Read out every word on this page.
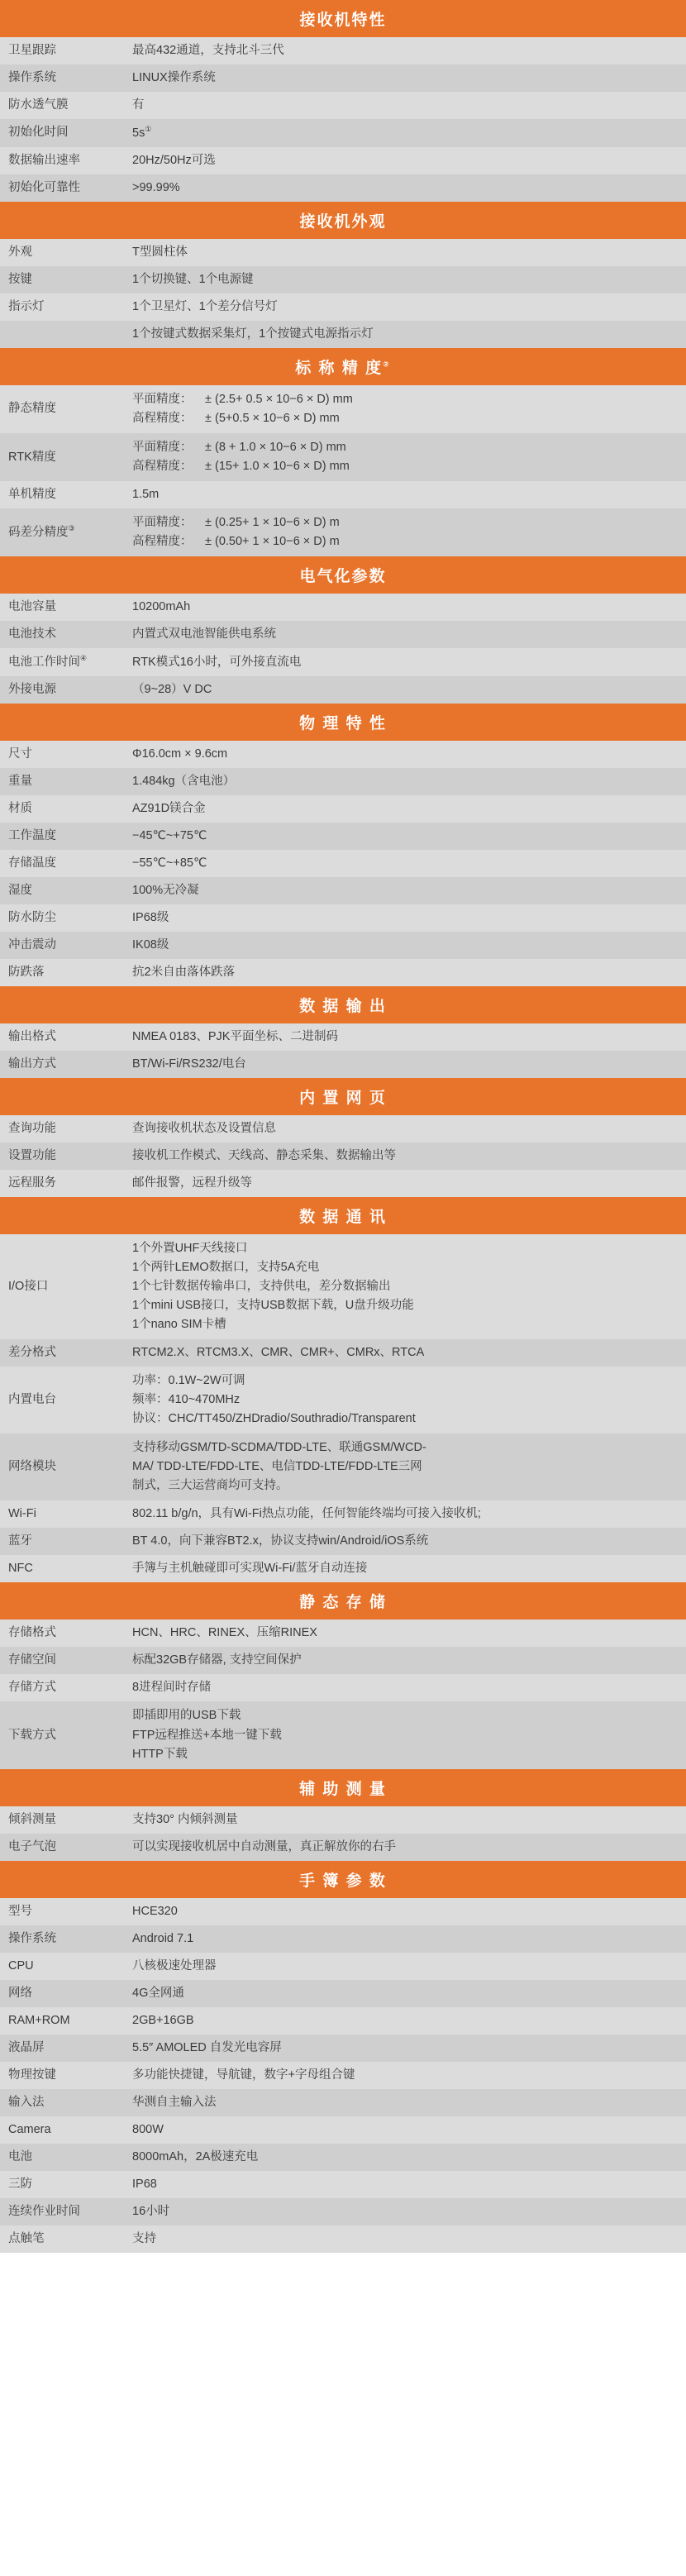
接收机特性
卫星跟踪	最高432通道，支持北斗三代
操作系统	LINUX操作系统
防水透气膜	有
初始化时间	5s①
数据输出速率	20Hz/50Hz可选
初始化可靠性	>99.99%
接收机外观
外观	T型圆柱体
按键	1个切换键、1个电源键
指示灯	1个卫星灯、1个差分信号灯
	1个按键式数据采集灯，1个按键式电源指示灯
标 称 精 度②
静态精度	平面精度： ± (2.5+ 0.5 × 10−6 × D) mm
高程精度： ± (5+0.5 × 10−6 × D) mm

RTK精度	平面精度： ± (8 + 1.0 × 10−6 × D) mm
高程精度： ± (15+ 1.0 × 10−6 × D) mm

单机精度	1.5m
码差分精度③	平面精度： ± (0.25+ 1 × 10−6 × D) m
高程精度： ± (0.50+ 1 × 10−6 × D) m
电气化参数
电池容量	10200mAh
电池技术	内置式双电池智能供电系统
电池工作时间④	RTK模式16小时，可外接直流电
外接电源	（9~28）V DC
物 理 特 性
尺寸	Φ16.0cm × 9.6cm
重量	1.484kg（含电池）
材质	AZ91D镁合金
工作温度	−45℃~+75℃
存储温度	−55℃~+85℃
湿度	100%无冷凝
防水防尘	IP68级
冲击震动	IK08级
防跌落	抗2米自由落体跌落
数 据 输 出
输出格式	NMEA 0183、PJK平面坐标、二进制码
输出方式	BT/Wi-Fi/RS232/电台
内 置 网 页
查询功能	查询接收机状态及设置信息
设置功能	接收机工作模式、天线高、静态采集、数据输出等
远程服务	邮件报警，远程升级等
数 据 通 讯
I/O接口	1个外置UHF天线接口
1个两针LEMO数据口，支持5A充电
1个七针数据传输串口，支持供电，差分数据输出
1个mini USB接口，支持USB数据下载，U盘升级功能
1个nano SIM卡槽

差分格式	RTCM2.X、RTCM3.X、CMR、CMR+、CMRx、RTCA
内置电台	功率：0.1W~2W可调
频率：410~470MHz
协议：CHC/TT450/ZHDradio/Southradio/Transparent

网络模块	支持移动GSM/TD-SCDMA/TDD-LTE、联通GSM/WCD-
MA/ TDD-LTE/FDD-LTE、电信TDD-LTE/FDD-LTE三网
制式，三大运营商均可支持。

Wi-Fi	802.11 b/g/n，具有Wi-Fi热点功能，任何智能终端均可接入接收机;
蓝牙	BT 4.0，向下兼容BT2.x，协议支持win/Android/iOS系统
NFC	手簿与主机触碰即可实现Wi-Fi/蓝牙自动连接
静 态 存 储
存储格式	HCN、HRC、RINEX、压缩RINEX
存储空间	标配32GB存储器, 支持空间保护
存储方式	8进程间时存储
下载方式	即插即用的USB下载
FTP远程推送+本地一键下载
HTTP下载
辅 助 测 量
倾斜测量	支持30° 内倾斜测量
电子气泡	可以实现接收机居中自动测量，真正解放你的右手
手 簿 参 数
型号	HCE320
操作系统	Android 7.1
CPU	八核极速处理器
网络	4G全网通
RAM+ROM	2GB+16GB
液晶屏	5.5″ AMOLED 自发光电容屏
物理按键	多功能快捷键，导航键，数字+字母组合键
输入法	华测自主输入法
Camera	800W
电池	8000mAh，2A极速充电
三防	IP68
连续作业时间	16小时
点触笔	支持
